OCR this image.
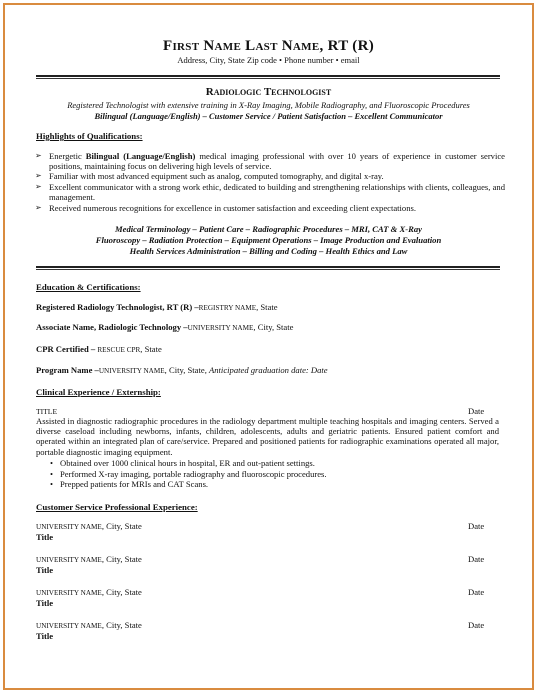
First Name Last Name, RT (R)
Address, City, State Zip code • Phone number • email
Radiologic Technologist
Registered Technologist with extensive training in X-Ray Imaging, Mobile Radiography, and Fluoroscopic Procedures
Bilingual (Language/English) – Customer Service / Patient Satisfaction – Excellent Communicator
Highlights of Qualifications:
➢ Energetic Bilingual (Language/English) medical imaging professional with over 10 years of experience in customer service positions, maintaining focus on delivering high levels of service.
➢ Familiar with most advanced equipment such as analog, computed tomography, and digital x-ray.
➢ Excellent communicator with a strong work ethic, dedicated to building and strengthening relationships with clients, colleagues, and management.
➢ Received numerous recognitions for excellence in customer satisfaction and exceeding client expectations.
Medical Terminology – Patient Care – Radiographic Procedures – MRI, CAT & X-Ray
Fluoroscopy – Radiation Protection – Equipment Operations – Image Production and Evaluation
Health Services Administration – Billing and Coding – Health Ethics and Law
Education & Certifications:
Registered Radiology Technologist, RT (R) –REGISTRY NAME, State
Associate Name, Radiologic Technology –UNIVERSITY NAME, City, State
CPR Certified – RESCUE CPR, State
Program Name –UNIVERSITY NAME, City, State, Anticipated graduation date: Date
Clinical Experience / Externship:
TITLE	Date
Assisted in diagnostic radiographic procedures in the radiology department multiple teaching hospitals and imaging centers. Served a diverse caseload including newborns, infants, children, adolescents, adults and geriatric patients. Ensured patient comfort and operated within an integrated plan of care/service. Prepared and positioned patients for radiographic examinations operated all major, portable diagnostic imaging equipment.
• Obtained over 1000 clinical hours in hospital, ER and out-patient settings.
• Performed X-ray imaging, portable radiography and fluoroscopic procedures.
• Prepped patients for MRIs and CAT Scans.
Customer Service Professional Experience:
UNIVERSITY NAME, City, State	Date
Title
UNIVERSITY NAME, City, State	Date
Title
UNIVERSITY NAME, City, State	Date
Title
UNIVERSITY NAME, City, State	Date
Title
